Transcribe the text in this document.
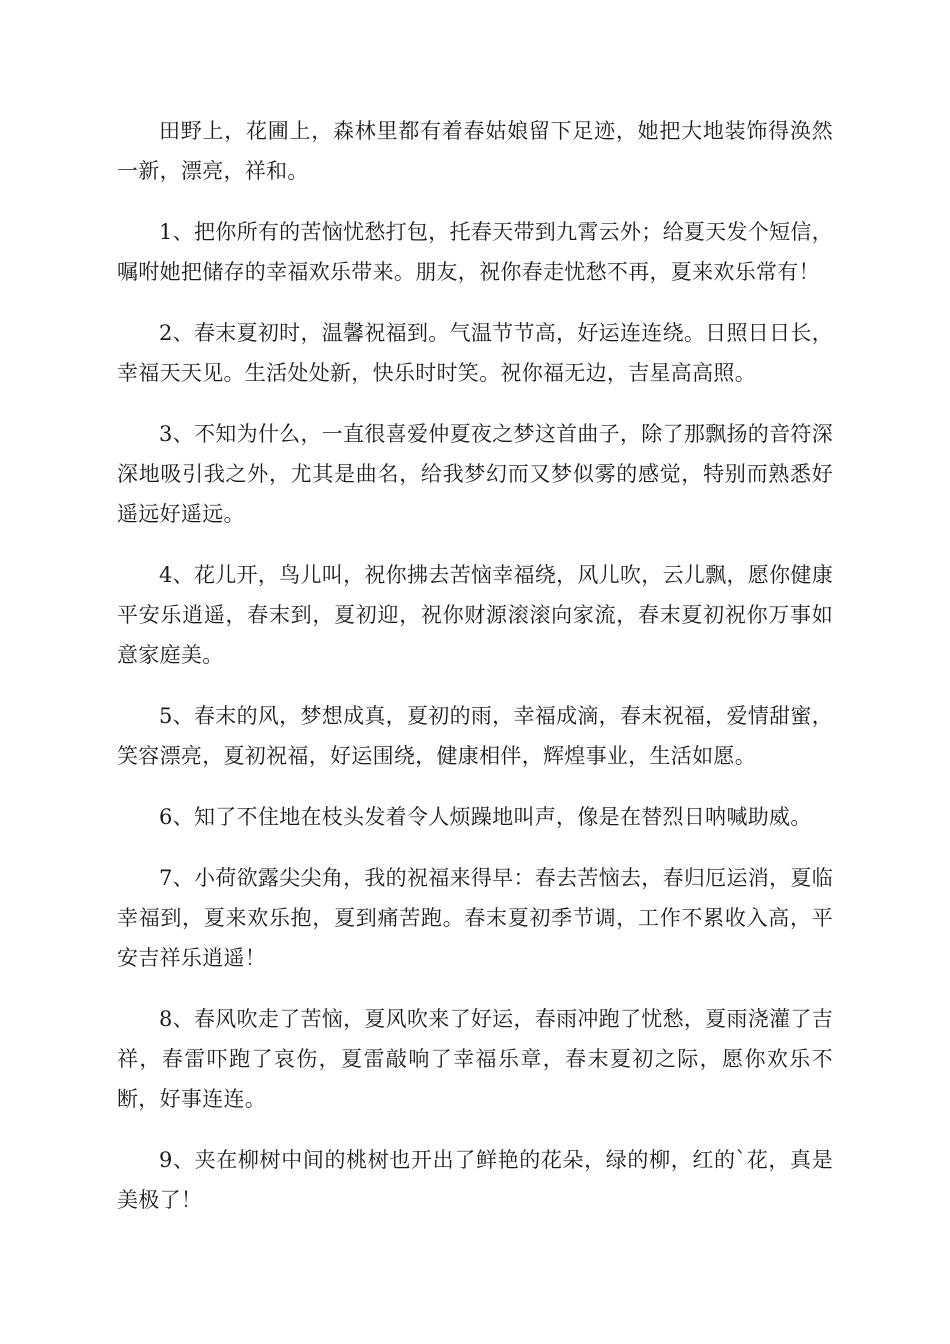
田野上，花圃上，森林里都有着春姑娘留下足迹，她把大地装饰得涣然一新，漂亮，祥和。

1、把你所有的苦恼忧愁打包，托春天带到九霄云外；给夏天发个短信，嘱咐她把储存的幸福欢乐带来。朋友，祝你春走忧愁不再，夏来欢乐常有！

2、春末夏初时，温馨祝福到。气温节节高，好运连连绕。日照日日长，幸福天天见。生活处处新，快乐时时笑。祝你福无边，吉星高高照。

3、不知为什么，一直很喜爱仲夏夜之梦这首曲子，除了那飘扬的音符深深地吸引我之外，尤其是曲名，给我梦幻而又梦似雾的感觉，特别而熟悉好遥远好遥远。

4、花儿开，鸟儿叫，祝你拂去苦恼幸福绕，风儿吹，云儿飘，愿你健康平安乐逍遥，春末到，夏初迎，祝你财源滚滚向家流，春末夏初祝你万事如意家庭美。

5、春末的风，梦想成真，夏初的雨，幸福成滴，春末祝福，爱情甜蜜，笑容漂亮，夏初祝福，好运围绕，健康相伴，辉煌事业，生活如愿。

6、知了不住地在枝头发着令人烦躁地叫声，像是在替烈日呐喊助威。

7、小荷欲露尖尖角，我的祝福来得早：春去苦恼去，春归厄运消，夏临幸福到，夏来欢乐抱，夏到痛苦跑。春末夏初季节调，工作不累收入高，平安吉祥乐逍遥！

8、春风吹走了苦恼，夏风吹来了好运，春雨冲跑了忧愁，夏雨浇灌了吉祥，春雷吓跑了哀伤，夏雷敲响了幸福乐章，春末夏初之际，愿你欢乐不断，好事连连。

9、夹在柳树中间的桃树也开出了鲜艳的花朵，绿的柳，红的`花，真是美极了！
